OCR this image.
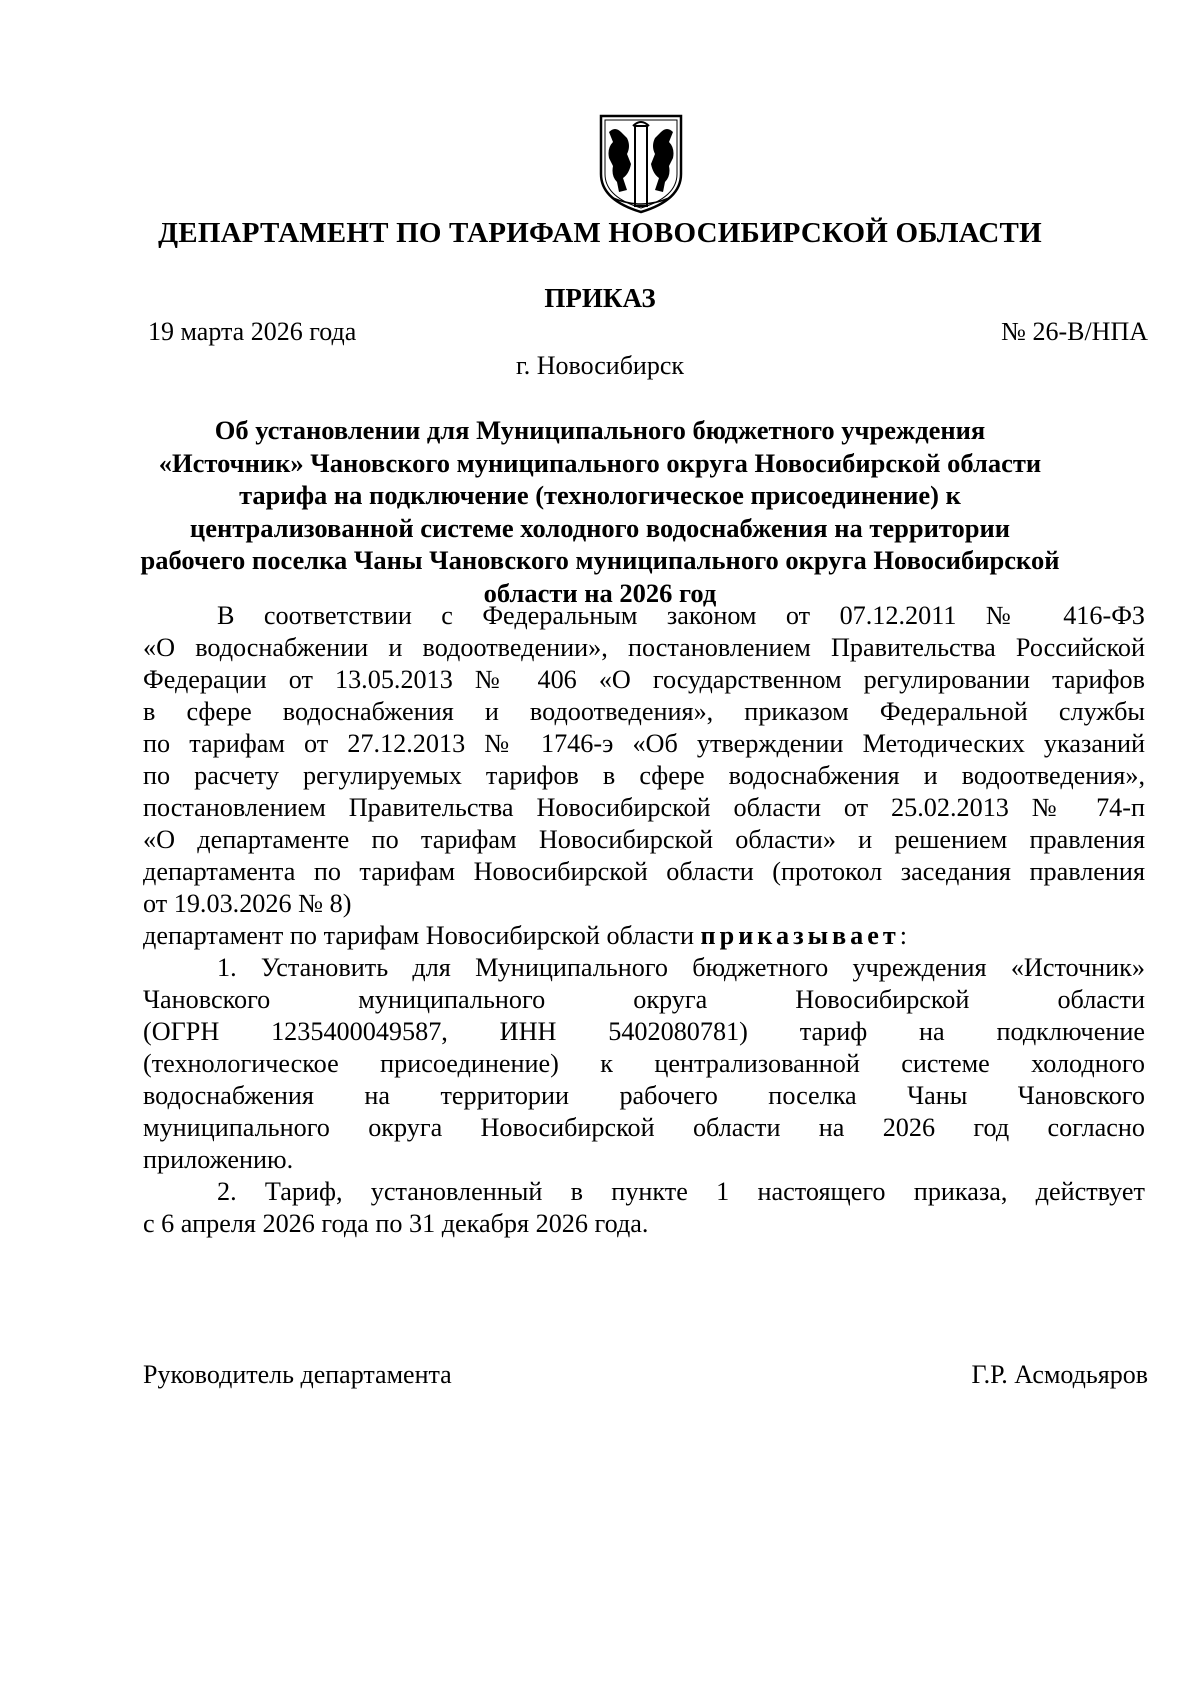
ДЕПАРТАМЕНТ ПО ТАРИФАМ НОВОСИБИРСКОЙ ОБЛАСТИ
ПРИКАЗ
19 марта 2026 года	№ 26-В/НПА
г. Новосибирск
Об установлении для Муниципального бюджетного учреждения «Источник» Чановского муниципального округа Новосибирской области тарифа на подключение (технологическое присоединение) к централизованной системе холодного водоснабжения на территории рабочего поселка Чаны Чановского муниципального округа Новосибирской области на 2026 год
В соответствии с Федеральным законом от 07.12.2011 № 416-ФЗ
«О водоснабжении и водоотведении», постановлением Правительства Российской
Федерации от 13.05.2013 № 406 «О государственном регулировании тарифов
в сфере водоснабжения и водоотведения», приказом Федеральной службы
по тарифам от 27.12.2013 № 1746-э «Об утверждении Методических указаний
по расчету регулируемых тарифов в сфере водоснабжения и водоотведения»,
постановлением Правительства Новосибирской области от 25.02.2013 № 74-п
«О департаменте по тарифам Новосибирской области» и решением правления
департамента по тарифам Новосибирской области (протокол заседания правления
от 19.03.2026 № 8)
департамент по тарифам Новосибирской области приказывает:
1. Установить для Муниципального бюджетного учреждения «Источник»
Чановского муниципального округа Новосибирской области
(ОГРН 1235400049587, ИНН 5402080781) тариф на подключение
(технологическое присоединение) к централизованной системе холодного
водоснабжения на территории рабочего поселка Чаны Чановского
муниципального округа Новосибирской области на 2026 год согласно
приложению.
2. Тариф, установленный в пункте 1 настоящего приказа, действует
с 6 апреля 2026 года по 31 декабря 2026 года.
Руководитель департамента	Г.Р. Асмодьяров
